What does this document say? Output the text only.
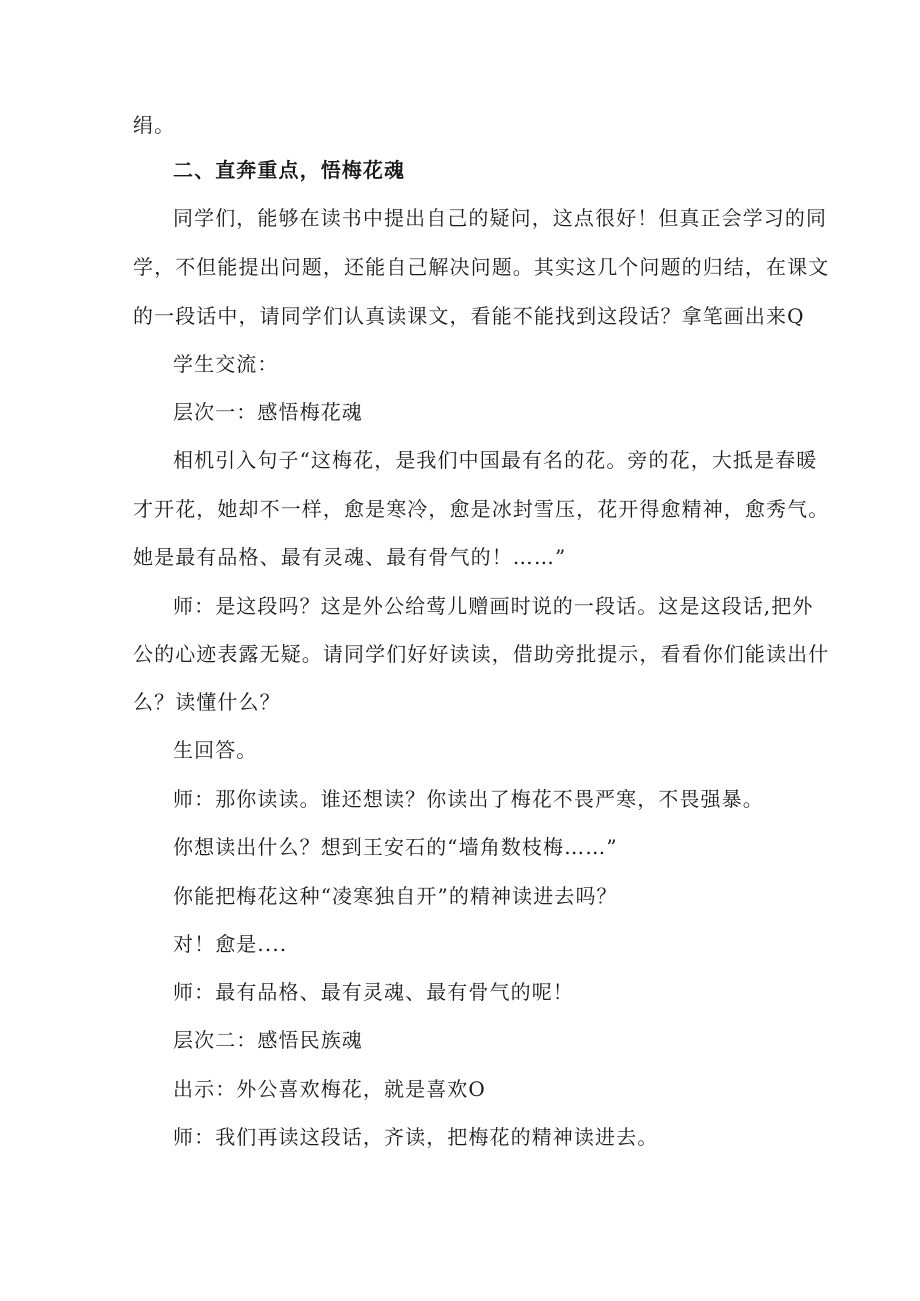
绢。
二、直奔重点，悟梅花魂
同学们，能够在读书中提出自己的疑问，这点很好！但真正会学习的同
学，不但能提出问题，还能自己解决问题。其实这几个问题的归结，在课文
的一段话中，请同学们认真读课文，看能不能找到这段话？拿笔画出来Q
学生交流：
层次一：感悟梅花魂
相机引入句子“这梅花，是我们中国最有名的花。旁的花，大抵是春暖
才开花，她却不一样，愈是寒冷，愈是冰封雪压，花开得愈精神，愈秀气。
她是最有品格、最有灵魂、最有骨气的！……”
师：是这段吗？这是外公给莺儿赠画时说的一段话。这是这段话,把外
公的心迹表露无疑。请同学们好好读读，借助旁批提示，看看你们能读出什
么？读懂什么？
生回答。
师：那你读读。谁还想读？你读出了梅花不畏严寒，不畏强暴。
你想读出什么？想到王安石的“墙角数枝梅……”
你能把梅花这种“凌寒独自开”的精神读进去吗？
对！愈是....
师：最有品格、最有灵魂、最有骨气的呢！
层次二：感悟民族魂
出示：外公喜欢梅花，就是喜欢O
师：我们再读这段话，齐读，把梅花的精神读进去。
